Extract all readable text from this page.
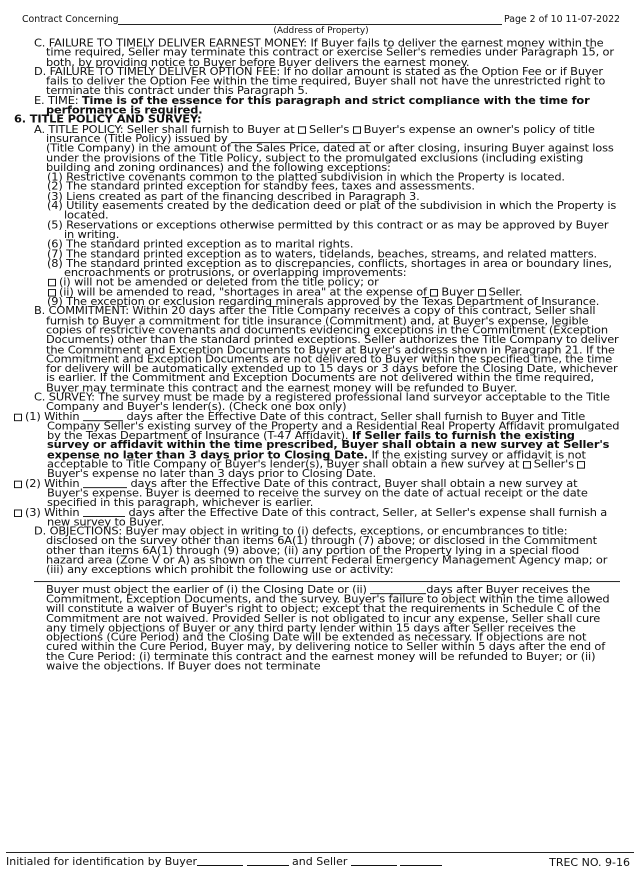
Contract Concerning
(Address of Property)
Page 2 of 10 11-07-2022

C. FAILURE TO TIMELY DELIVER EARNEST MONEY: If Buyer fails to deliver the earnest money within the time required, Seller may terminate this contract or exercise Seller's remedies under Paragraph 15, or both, by providing notice to Buyer before Buyer delivers the earnest money.

D. FAILURE TO TIMELY DELIVER OPTION FEE: If no dollar amount is stated as the Option Fee or if Buyer fails to deliver the Option Fee within the time required, Buyer shall not have the unrestricted right to terminate this contract under this Paragraph 5.

E. TIME: Time is of the essence for this paragraph and strict compliance with the time for performance is required.

6. TITLE POLICY AND SURVEY:

A. TITLE POLICY: Seller shall furnish to Buyer at Seller's Buyer's expense an owner's policy of title insurance (Title Policy) issued by

(Title Company) in the amount of the Sales Price, dated at or after closing, insuring Buyer against loss under the provisions of the Title Policy, subject to the promulgated exclusions (including existing building and zoning ordinances) and the following exceptions:

(1) Restrictive covenants common to the platted subdivision in which the Property is located.

(2) The standard printed exception for standby fees, taxes and assessments.

(3) Liens created as part of the financing described in Paragraph 3.

(4) Utility easements created by the dedication deed or plat of the subdivision in which the Property is located.

(5) Reservations or exceptions otherwise permitted by this contract or as may be approved by Buyer in writing.

(6) The standard printed exception as to marital rights.

(7) The standard printed exception as to waters, tidelands, beaches, streams, and related matters.

(8) The standard printed exception as to discrepancies, conflicts, shortages in area or boundary lines, encroachments or protrusions, or overlapping improvements:

(i) will not be amended or deleted from the title policy; or

(ii) will be amended to read, "shortages in area" at the expense of Buyer Seller.

(9) The exception or exclusion regarding minerals approved by the Texas Department of Insurance.

B. COMMITMENT: Within 20 days after the Title Company receives a copy of this contract, Seller shall furnish to Buyer a commitment for title insurance (Commitment) and, at Buyer's expense, legible copies of restrictive covenants and documents evidencing exceptions in the Commitment (Exception Documents) other than the standard printed exceptions. Seller authorizes the Title Company to deliver the Commitment and Exception Documents to Buyer at Buyer's address shown in Paragraph 21. If the Commitment and Exception Documents are not delivered to Buyer within the specified time, the time for delivery will be automatically extended up to 15 days or 3 days before the Closing Date, whichever is earlier. If the Commitment and Exception Documents are not delivered within the time required, Buyer may terminate this contract and the earnest money will be refunded to Buyer.

C. SURVEY: The survey must be made by a registered professional land surveyor acceptable to the Title Company and Buyer's lender(s). (Check one box only)

(1) Within	days after the Effective Date of this contract, Seller shall furnish to Buyer and Title Company Seller's existing survey of the Property and a Residential Real Property Affidavit promulgated by the Texas Department of Insurance (T-47 Affidavit). If Seller fails to furnish the existing survey or affidavit within the time prescribed, Buyer shall obtain a new survey at Seller's expense no later than 3 days prior to Closing Date. If the existing survey or affidavit is not acceptable to Title Company or Buyer's lender(s), Buyer shall obtain a new survey at Seller's Buyer's expense no later than 3 days prior to Closing Date.

(2) Within	days after the Effective Date of this contract, Buyer shall obtain a new survey at Buyer's expense. Buyer is deemed to receive the survey on the date of actual receipt or the date specified in this paragraph, whichever is earlier.

(3) Within	days after the Effective Date of this contract, Seller, at Seller's expense shall furnish a new survey to Buyer.

D. OBJECTIONS: Buyer may object in writing to (i) defects, exceptions, or encumbrances to title: disclosed on the survey other than items 6A(1) through (7) above; or disclosed in the Commitment other than items 6A(1) through (9) above; (ii) any portion of the Property lying in a special flood hazard area (Zone V or A) as shown on the current Federal Emergency Management Agency map; or (iii) any exceptions which prohibit the following use or activity:

Buyer must object the earlier of (i) the Closing Date or (ii)	days after Buyer receives the Commitment, Exception Documents, and the survey. Buyer's failure to object within the time allowed will constitute a waiver of Buyer's right to object; except that the requirements in Schedule C of the Commitment are not waived. Provided Seller is not obligated to incur any expense, Seller shall cure any timely objections of Buyer or any third party lender within 15 days after Seller receives the objections (Cure Period) and the Closing Date will be extended as necessary. If objections are not cured within the Cure Period, Buyer may, by delivering notice to Seller within 5 days after the end of the Cure Period: (i) terminate this contract and the earnest money will be refunded to Buyer; or (ii) waive the objections. If Buyer does not terminate

Initialed for identification by Buyer	and Seller	TREC NO. 9-16
